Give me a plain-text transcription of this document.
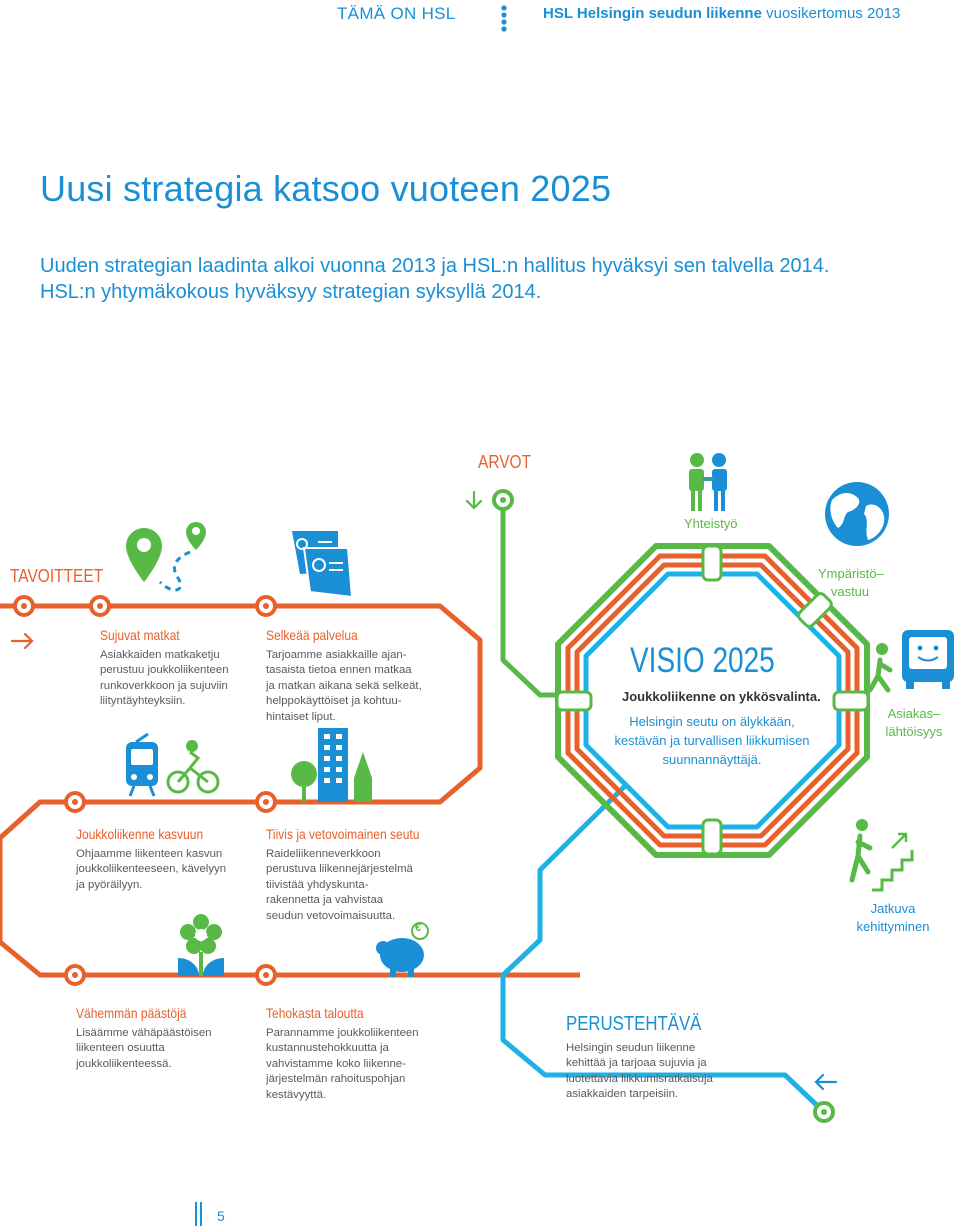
TÄMÄ ON HSL	HSL Helsingin seudun liikenne vuosikertomus 2013
Uusi strategia katsoo vuoteen 2025
Uuden strategian laadinta alkoi vuonna 2013 ja HSL:n hallitus hyväksyi sen talvella 2014.
HSL:n yhtymäkokous hyväksyy strategian syksyllä 2014.
ARVOT
TAVOITTEET
Yhteistyö
Ympäristö–
vastuu
Asiakas–
lähtöisyys
Jatkuva
kehittyminen
VISIO 2025
Joukkoliikenne on ykkösvalinta.
Helsingin seutu on älykkään,
kestävän ja turvallisen liikkumisen
suunnannäyttäjä.
Sujuvat matkat
Asiakkaiden matkaketju
perustuu joukkoliikenteen
runkoverkkoon ja sujuviin
liityntäyhteyksiin.
Selkeää palvelua
Tarjoamme asiakkaille ajan-
tasaista tietoa ennen matkaa
ja matkan aikana sekä selkeät,
helppokäyttöiset ja kohtuu-
hintaiset liput.
Joukkoliikenne kasvuun
Ohjaamme liikenteen kasvun
joukkoliikenteeseen, kävelyyn
ja pyöräilyyn.
Tiivis ja vetovoimainen seutu
Raideliikenneverkkoon
perustuva liikennejärjestelmä
tiivistää yhdyskunta-
rakennetta ja vahvistaa
seudun vetovoimaisuutta.
Vähemmän päästöjä
Lisäämme vähäpäästöisen
liikenteen osuutta
joukkoliikenteessä.
Tehokasta taloutta
Parannamme joukkoliikenteen
kustannustehokkuutta ja
vahvistamme koko liikenne-
järjestelmän rahoituspohjan
kestävyyttä.
PERUSTEHTÄVÄ
Helsingin seudun liikenne
kehittää ja tarjoaa sujuvia ja
luotettavia liikkumisratkaisuja
asiakkaiden tarpeisiin.
€
5
